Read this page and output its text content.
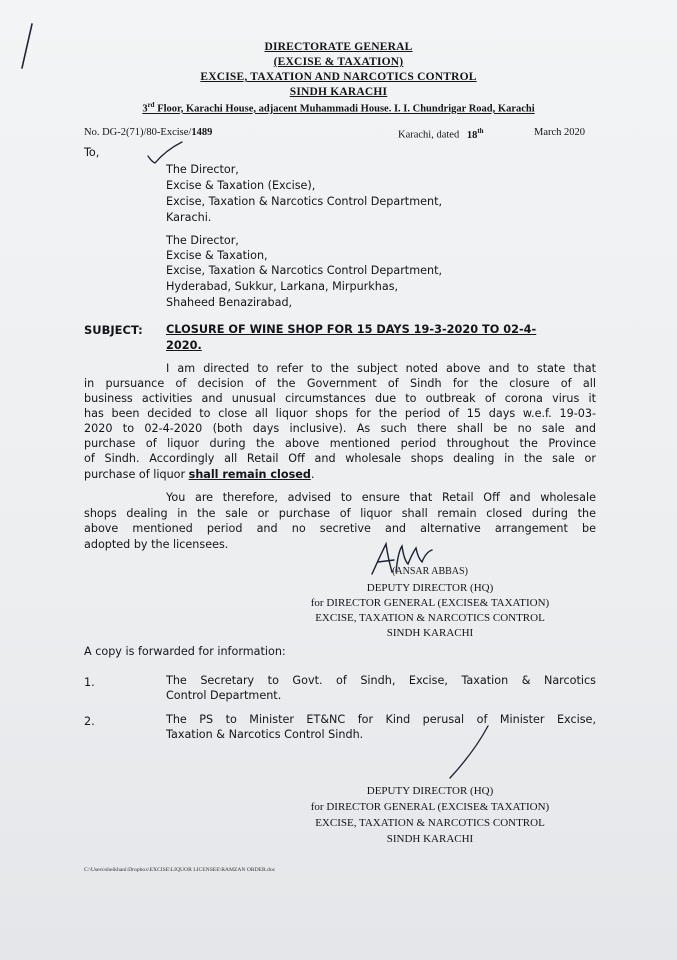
DIRECTORATE GENERAL
(EXCISE & TAXATION)
EXCISE, TAXATION AND NARCOTICS CONTROL
SINDH KARACHI
3rd Floor, Karachi House, adjacent Muhammadi House. I. I. Chundrigar Road, Karachi
No. DG-2(71)/80-Excise/1489	Karachi, dated 18th	March 2020
To,
The Director,
Excise & Taxation (Excise),
Excise, Taxation & Narcotics Control Department,
Karachi.
The Director,
Excise & Taxation,
Excise, Taxation & Narcotics Control Department,
Hyderabad, Sukkur, Larkana, Mirpurkhas,
Shaheed Benazirabad,
SUBJECT: CLOSURE OF WINE SHOP FOR 15 DAYS 19-3-2020 TO 02-4-
2020.
I am directed to refer to the subject noted above and to state that
in pursuance of decision of the Government of Sindh for the closure of all
business activities and unusual circumstances due to outbreak of corona virus it
has been decided to close all liquor shops for the period of 15 days w.e.f. 19-03-
2020 to 02-4-2020 (both days inclusive). As such there shall be no sale and
purchase of liquor during the above mentioned period throughout the Province
of Sindh. Accordingly all Retail Off and wholesale shops dealing in the sale or
purchase of liquor shall remain closed.
You are therefore, advised to ensure that Retail Off and wholesale
shops dealing in the sale or purchase of liquor shall remain closed during the
above mentioned period and no secretive and alternative arrangement be
adopted by the licensees.
(ANSAR ABBAS)
DEPUTY DIRECTOR (HQ)
for DIRECTOR GENERAL (EXCISE& TAXATION)
EXCISE, TAXATION & NARCOTICS CONTROL
SINDH KARACHI
A copy is forwarded for information:
1.	The Secretary to Govt. of Sindh, Excise, Taxation & Narcotics
Control Department.
2.	The PS to Minister ET&NC for Kind perusal of Minister Excise,
Taxation & Narcotics Control Sindh.
DEPUTY DIRECTOR (HQ)
for DIRECTOR GENERAL (EXCISE& TAXATION)
EXCISE, TAXATION & NARCOTICS CONTROL
SINDH KARACHI
C:\Users\sheikhani\Dropbox\EXCISE\LIQUOR LICENSEE\RAMZAN ORDER.doc
